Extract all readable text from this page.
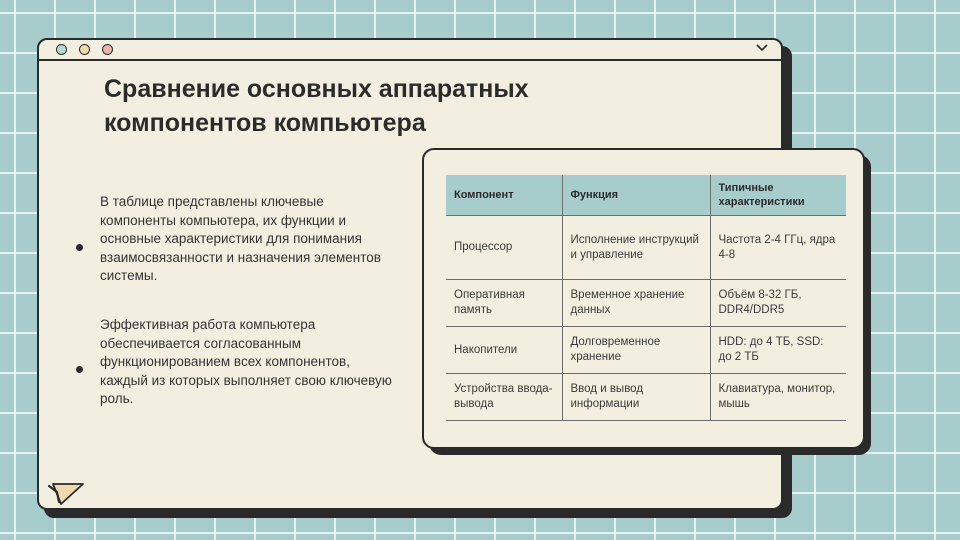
Сравнение основных аппаратных компонентов компьютера
В таблице представлены ключевые компоненты компьютера, их функции и основные характеристики для понимания взаимосвязанности и назначения элементов системы.
Эффективная работа компьютера обеспечивается согласованным функционированием всех компонентов, каждый из которых выполняет свою ключевую роль.
Компонент	Функция	Типичные характеристики
Процессор	Исполнение инструкций и управление	Частота 2-4 ГГц, ядра 4-8
Оперативная память	Временное хранение данных	Объём 8-32 ГБ, DDR4/DDR5
Накопители	Долговременное хранение	HDD: до 4 ТБ, SSD: до 2 ТБ
Устройства ввода-вывода	Ввод и вывод информации	Клавиатура, монитор, мышь
